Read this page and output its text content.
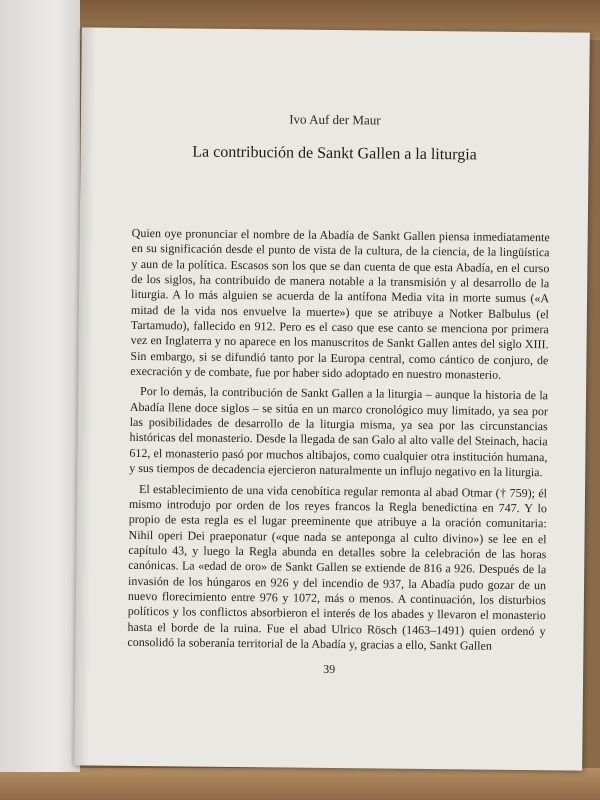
Ivo Auf der Maur
La contribución de Sankt Gallen a la liturgia

Quien oye pronunciar el nombre de la Abadía de Sankt Gallen piensa inmediatamente en su significación desde el punto de vista de la cultura, de la ciencia, de la lingüística y aun de la política. Escasos son los que se dan cuenta de que esta Abadía, en el curso de los siglos, ha contribuido de manera notable a la transmisión y al desarrollo de la liturgia. A lo más alguien se acuerda de la antífona Media vita in morte sumus («A mitad de la vida nos envuelve la muerte») que se atribuye a Notker Balbulus (el Tartamudo), fallecido en 912. Pero es el caso que ese canto se menciona por primera vez en Inglaterra y no aparece en los manuscritos de Sankt Gallen antes del siglo XIII. Sin embargo, si se difundió tanto por la Europa central, como cántico de conjuro, de execración y de combate, fue por haber sido adoptado en nuestro monasterio.

Por lo demás, la contribución de Sankt Gallen a la liturgia – aunque la historia de la Abadía llene doce siglos – se sitúa en un marco cronológico muy limitado, ya sea por las posibilidades de desarrollo de la liturgia misma, ya sea por las circunstancias históricas del monasterio. Desde la llegada de san Galo al alto valle del Steinach, hacia 612, el monasterio pasó por muchos altibajos, como cualquier otra institución humana, y sus tiempos de decadencia ejercieron naturalmente un influjo negativo en la liturgia.

El establecimiento de una vida cenobítica regular remonta al abad Otmar († 759); él mismo introdujo por orden de los reyes francos la Regla benedictina en 747. Y lo propio de esta regla es el lugar preeminente que atribuye a la oración comunitaria: Nihil operi Dei praeponatur («que nada se anteponga al culto divino») se lee en el capítulo 43, y luego la Regla abunda en detalles sobre la celebración de las horas canónicas. La «edad de oro» de Sankt Gallen se extiende de 816 a 926. Después de la invasión de los húngaros en 926 y del incendio de 937, la Abadía pudo gozar de un nuevo florecimiento entre 976 y 1072, más o menos. A continuación, los disturbios políticos y los conflictos absorbieron el interés de los abades y llevaron el monasterio hasta el borde de la ruina. Fue el abad Ulrico Rösch (1463–1491) quien ordenó y consolidó la soberanía territorial de la Abadía y, gracias a ello, Sankt Gallen

39
